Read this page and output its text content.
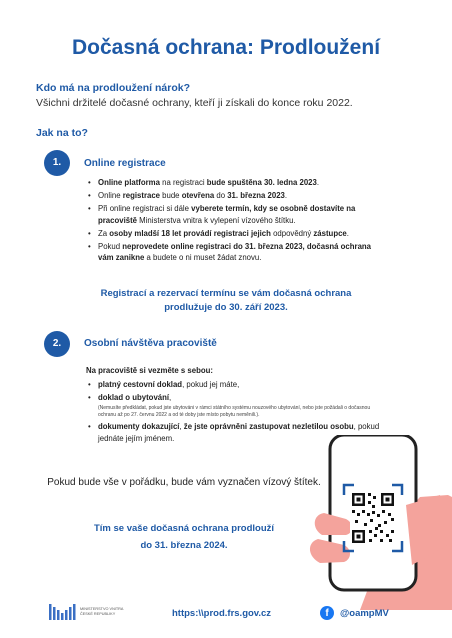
Dočasná ochrana: Prodloužení
Kdo má na prodloužení nárok?
Všichni držitelé dočasné ochrany, kteří ji získali do konce roku 2022.
Jak na to?
1.	Online registrace
• Online platforma na registraci bude spuštěna 30. ledna 2023.
• Online registrace bude otevřena do 31. března 2023.
• Při online registraci si dále vyberete termín, kdy se osobně dostavíte na pracoviště Ministerstva vnitra k vylepení vízového štítku.
• Za osoby mladší 18 let provádí registraci jejich odpovědný zástupce.
• Pokud neprovedete online registraci do 31. března 2023, dočasná ochrana vám zanikne a budete o ni muset žádat znovu.
Registrací a rezervací termínu se vám dočasná ochrana
prodlužuje do 30. září 2023.
2.	Osobní návštěva pracoviště
Na pracoviště si vezměte s sebou:
• platný cestovní doklad, pokud jej máte,
• doklad o ubytování,
(Nemusíte předkládat, pokud jste ubytováni v rámci státního systému nouzového ubytování, nebo jste požádali o dočasnou ochranu až po 27. červnu 2022 a od té doby jste místo pobytu neměnili.).
• dokumenty dokazující, že jste oprávněni zastupovat nezletilou osobu, pokud jednáte jejím jménem.
Pokud bude vše v pořádku, bude vám vyznačen vízový štítek.
Tím se vaše dočasná ochrana prodlouží
do 31. března 2024.
MINISTERSTVO VNITRA
ČESKÉ REPUBLIKY	https:\\prod.frs.gov.cz	f	@oampMV
